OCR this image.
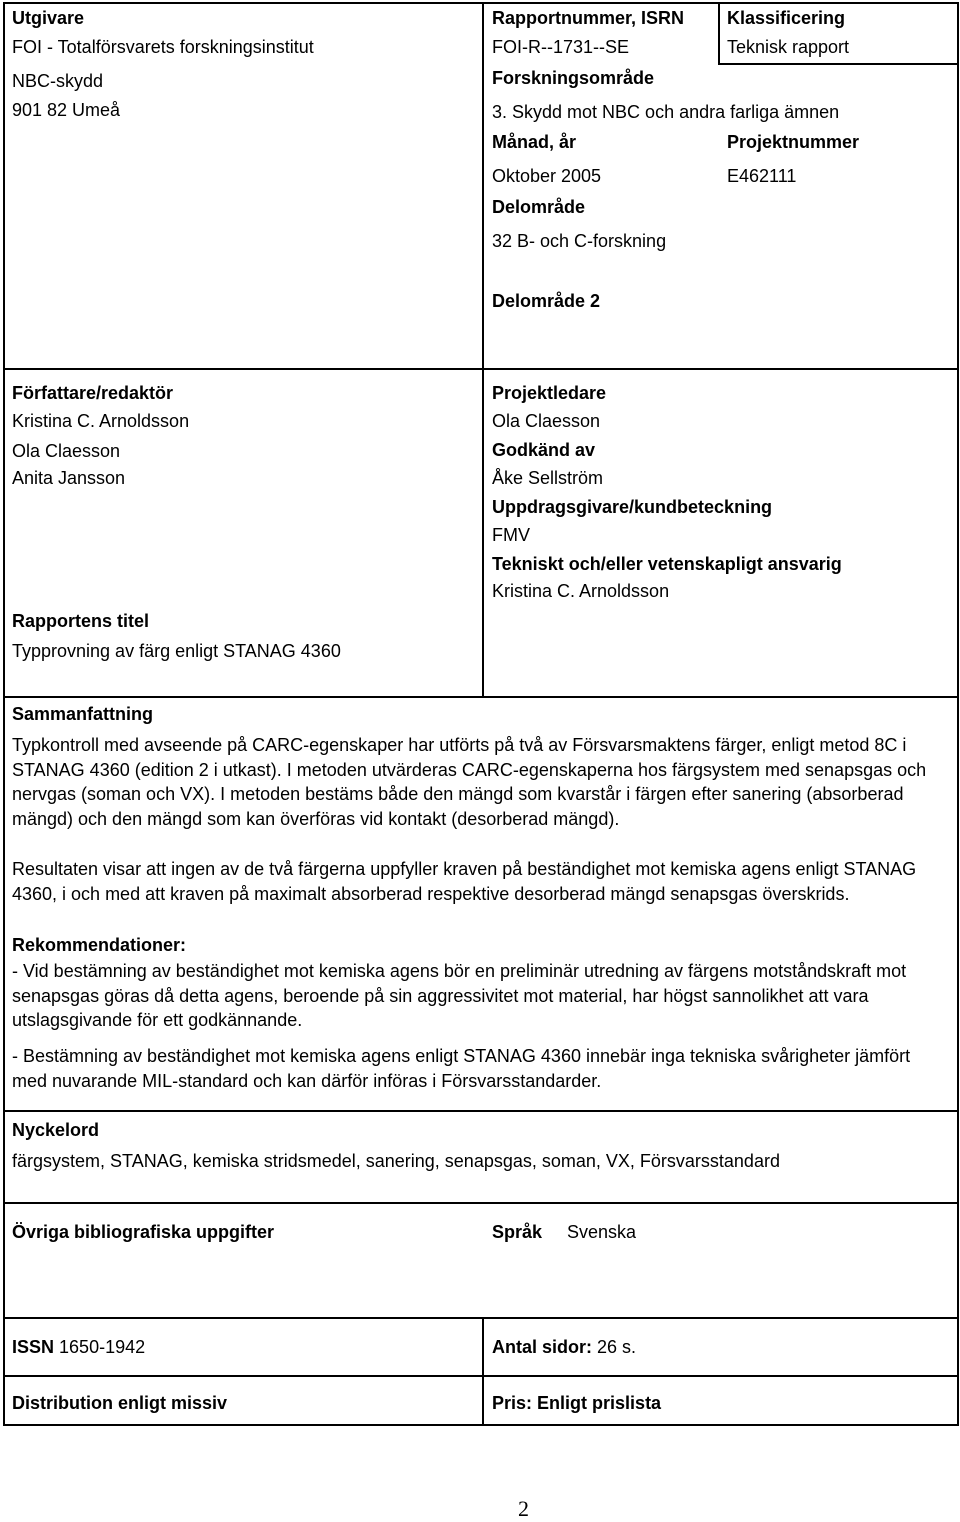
Utgivare
FOI - Totalförsvarets forskningsinstitut
NBC-skydd
901 82 Umeå
Rapportnummer, ISRN
FOI-R--1731--SE
Klassificering
Teknisk rapport
Forskningsområde
3. Skydd mot NBC och andra farliga ämnen
Månad, år
Oktober 2005
Projektnummer
E462111
Delområde
32 B- och C-forskning
Delområde 2
Författare/redaktör
Kristina C. Arnoldsson
Ola Claesson
Anita Jansson
Projektledare
Ola Claesson
Godkänd av
Åke Sellström
Uppdragsgivare/kundbeteckning
FMV
Tekniskt och/eller vetenskapligt ansvarig
Kristina C. Arnoldsson
Rapportens titel
Typprovning av färg enligt STANAG 4360
Sammanfattning
Typkontroll med avseende på CARC-egenskaper har utförts på två av Försvarsmaktens färger, enligt metod 8C i STANAG 4360 (edition 2 i utkast). I metoden utvärderas CARC-egenskaperna hos färgsystem med senapsgas och nervgas (soman och VX). I metoden bestäms både den mängd som kvarstår i färgen efter sanering (absorberad mängd) och den mängd som kan överföras vid kontakt (desorberad mängd).
Resultaten visar att ingen av de två färgerna uppfyller kraven på beständighet mot kemiska agens enligt STANAG 4360, i och med att kraven på maximalt absorberad respektive desorberad mängd senapsgas överskrids.
Rekommendationer:
- Vid bestämning av beständighet mot kemiska agens bör en preliminär utredning av färgens motståndskraft mot senapsgas göras då detta agens, beroende på sin aggressivitet mot material, har högst sannolikhet att vara utslagsgivande för ett godkännande.
- Bestämning av beständighet mot kemiska agens enligt STANAG 4360 innebär inga tekniska svårigheter jämfört med nuvarande MIL-standard och kan därför införas i Försvarsstandarder.
Nyckelord
färgsystem, STANAG, kemiska stridsmedel, sanering, senapsgas, soman, VX, Försvarsstandard
Övriga bibliografiska uppgifter	Språk Svenska
ISSN 1650-1942	Antal sidor: 26 s.
Distribution enligt missiv	Pris: Enligt prislista
2
